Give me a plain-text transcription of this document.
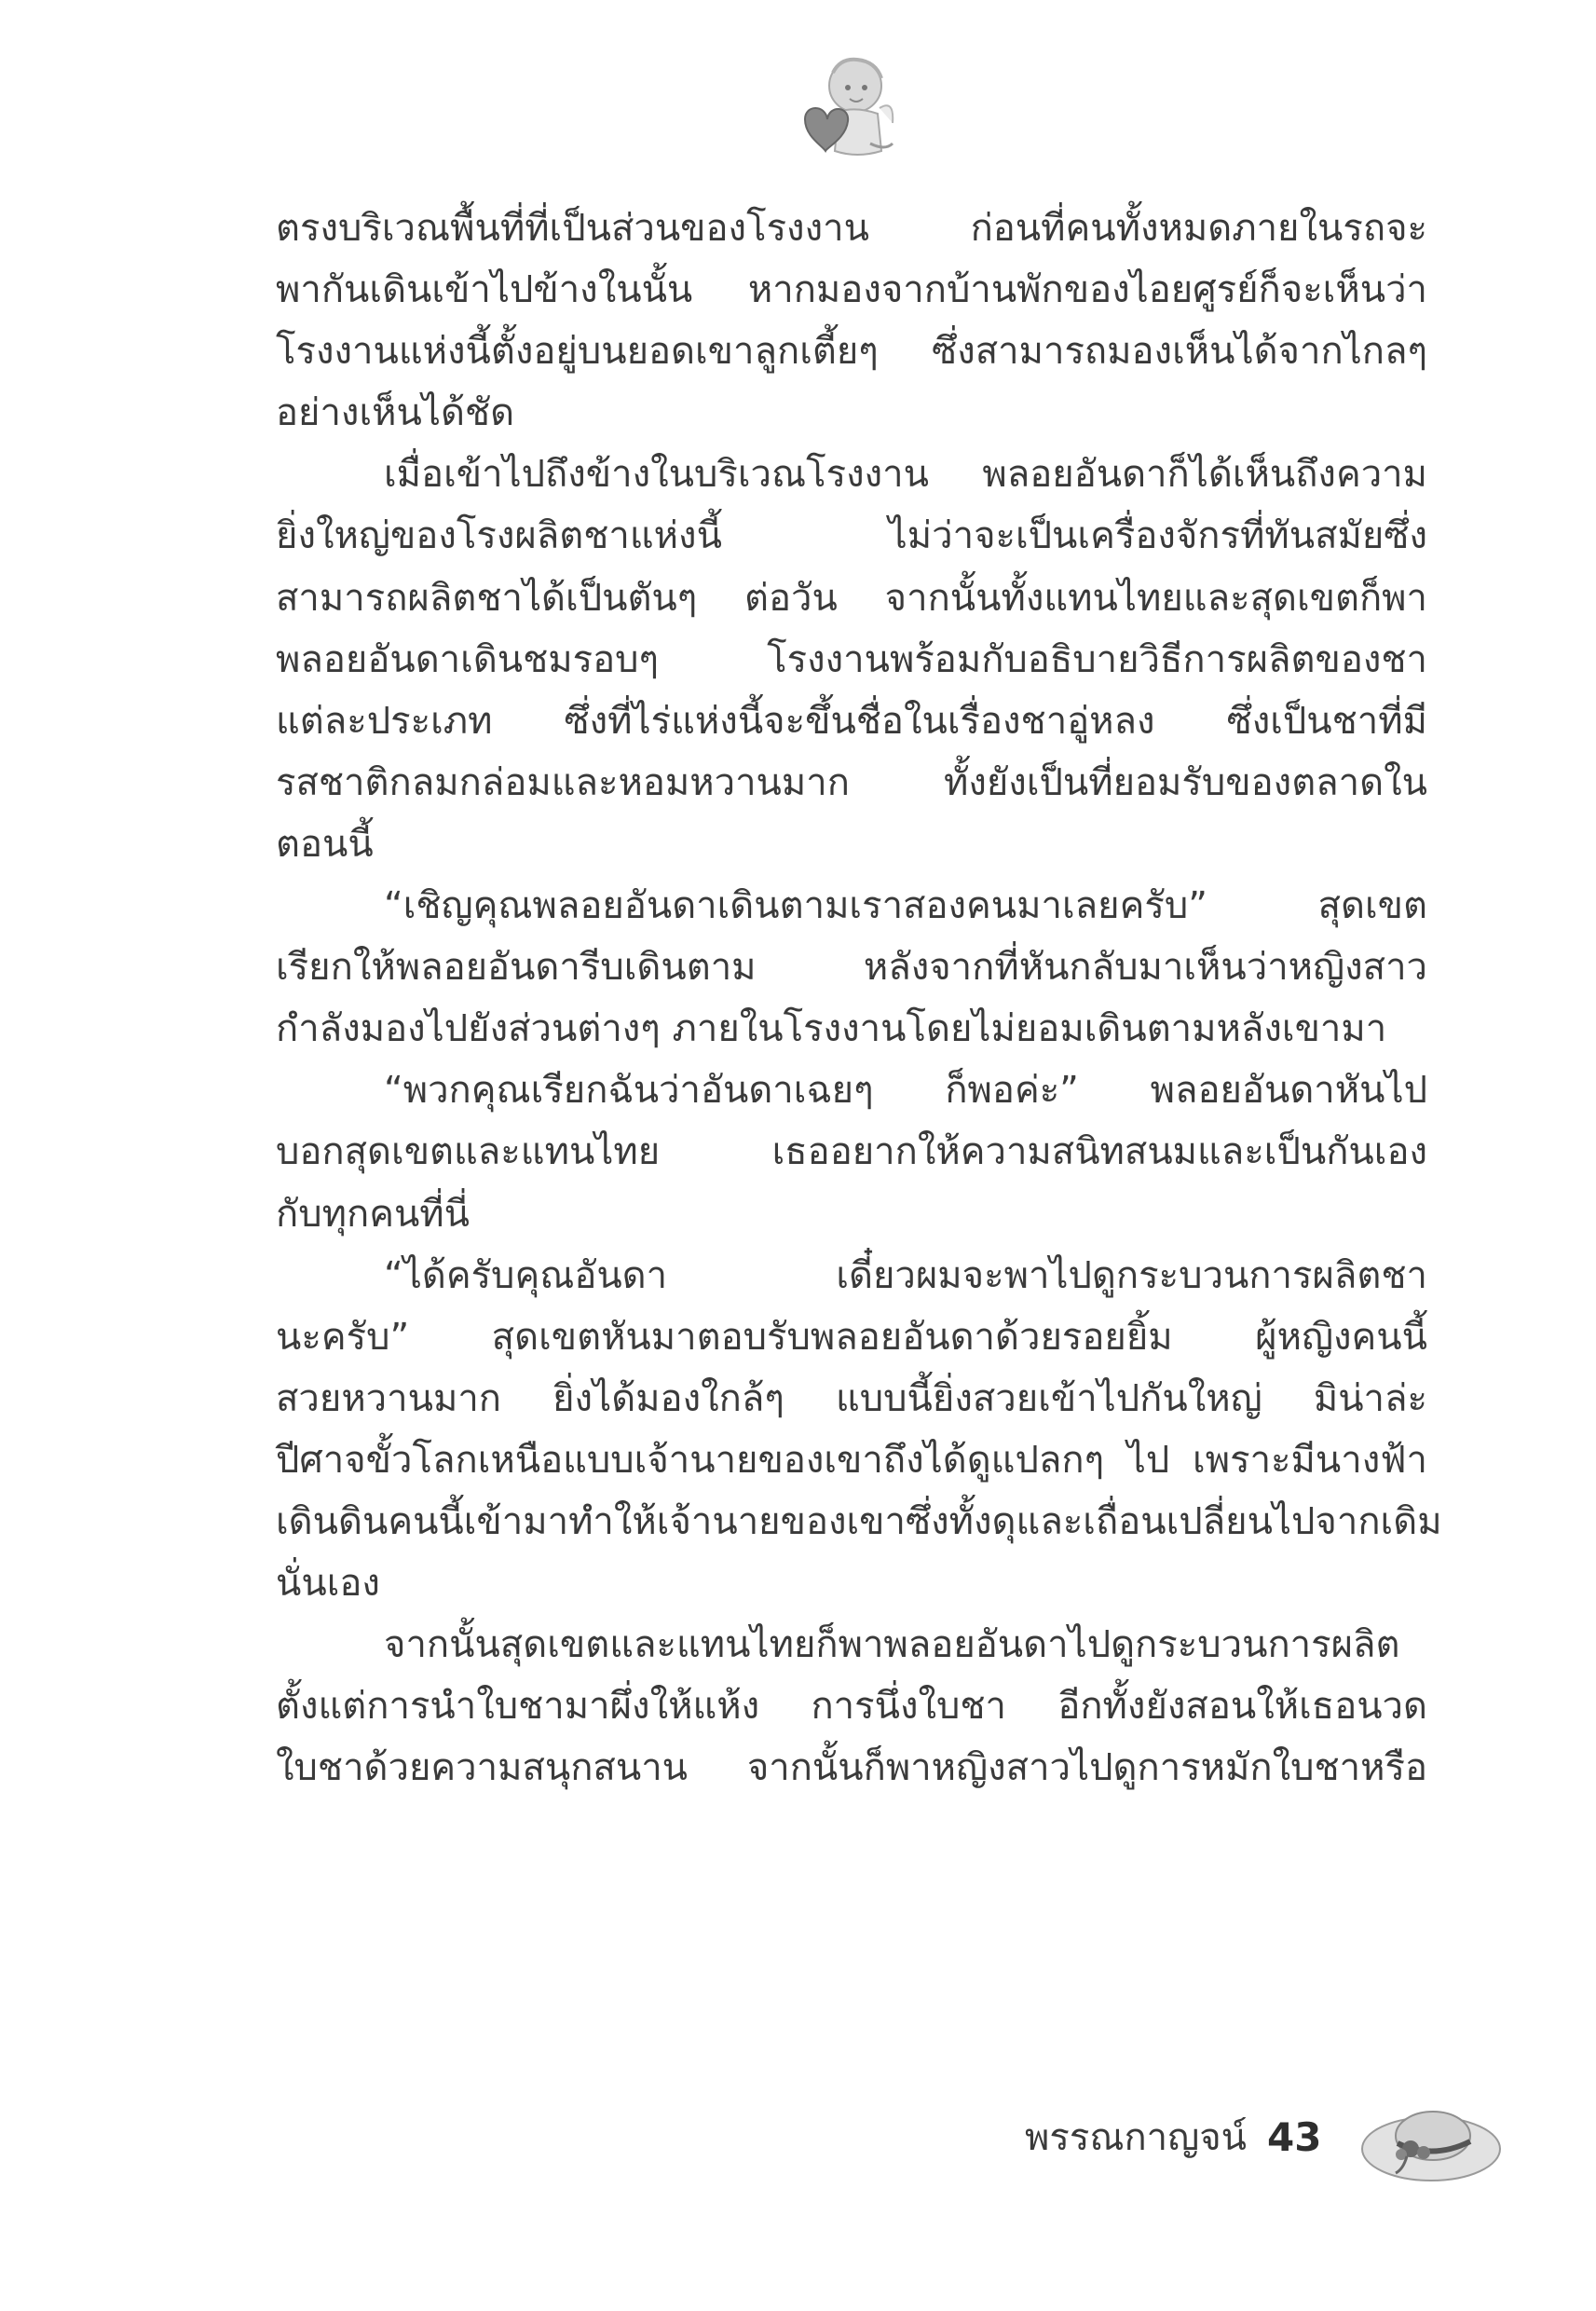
ตรงบริเวณพื้นที่ที่เป็นส่วนของโรงงาน ก่อนที่คนทั้งหมดภายในรถจะ
พากันเดินเข้าไปข้างในนั้น หากมองจากบ้านพักของไอยศูรย์ก็จะเห็นว่า
โรงงานแห่งนี้ตั้งอยู่บนยอดเขาลูกเตี้ยๆ ซึ่งสามารถมองเห็นได้จากไกลๆ
อย่างเห็นได้ชัด
เมื่อเข้าไปถึงข้างในบริเวณโรงงาน พลอยอันดาก็ได้เห็นถึงความ
ยิ่งใหญ่ของโรงผลิตชาแห่งนี้ ไม่ว่าจะเป็นเครื่องจักรที่ทันสมัยซึ่ง
สามารถผลิตชาได้เป็นตันๆ ต่อวัน จากนั้นทั้งแทนไทยและสุดเขตก็พา
พลอยอันดาเดินชมรอบๆ โรงงานพร้อมกับอธิบายวิธีการผลิตของชา
แต่ละประเภท ซึ่งที่ไร่แห่งนี้จะขึ้นชื่อในเรื่องชาอู่หลง ซึ่งเป็นชาที่มี
รสชาติกลมกล่อมและหอมหวานมาก ทั้งยังเป็นที่ยอมรับของตลาดใน
ตอนนี้
“เชิญคุณพลอยอันดาเดินตามเราสองคนมาเลยครับ” สุดเขต
เรียกให้พลอยอันดารีบเดินตาม หลังจากที่หันกลับมาเห็นว่าหญิงสาว
กำลังมองไปยังส่วนต่างๆ ภายในโรงงานโดยไม่ยอมเดินตามหลังเขามา
“พวกคุณเรียกฉันว่าอันดาเฉยๆ ก็พอค่ะ” พลอยอันดาหันไป
บอกสุดเขตและแทนไทย เธออยากให้ความสนิทสนมและเป็นกันเอง
กับทุกคนที่นี่
“ได้ครับคุณอันดา เดี๋ยวผมจะพาไปดูกระบวนการผลิตชา
นะครับ” สุดเขตหันมาตอบรับพลอยอันดาด้วยรอยยิ้ม ผู้หญิงคนนี้
สวยหวานมาก ยิ่งได้มองใกล้ๆ แบบนี้ยิ่งสวยเข้าไปกันใหญ่ มิน่าล่ะ
ปีศาจขั้วโลกเหนือแบบเจ้านายของเขาถึงได้ดูแปลกๆ ไป เพราะมีนางฟ้า
เดินดินคนนี้เข้ามาทำให้เจ้านายของเขาซึ่งทั้งดุและเถื่อนเปลี่ยนไปจากเดิม
นั่นเอง
จากนั้นสุดเขตและแทนไทยก็พาพลอยอันดาไปดูกระบวนการผลิต
ตั้งแต่การนำใบชามาผึ่งให้แห้ง การนึ่งใบชา อีกทั้งยังสอนให้เธอนวด
ใบชาด้วยความสนุกสนาน จากนั้นก็พาหญิงสาวไปดูการหมักใบชาหรือ
พรรณกาญจน์ 43
